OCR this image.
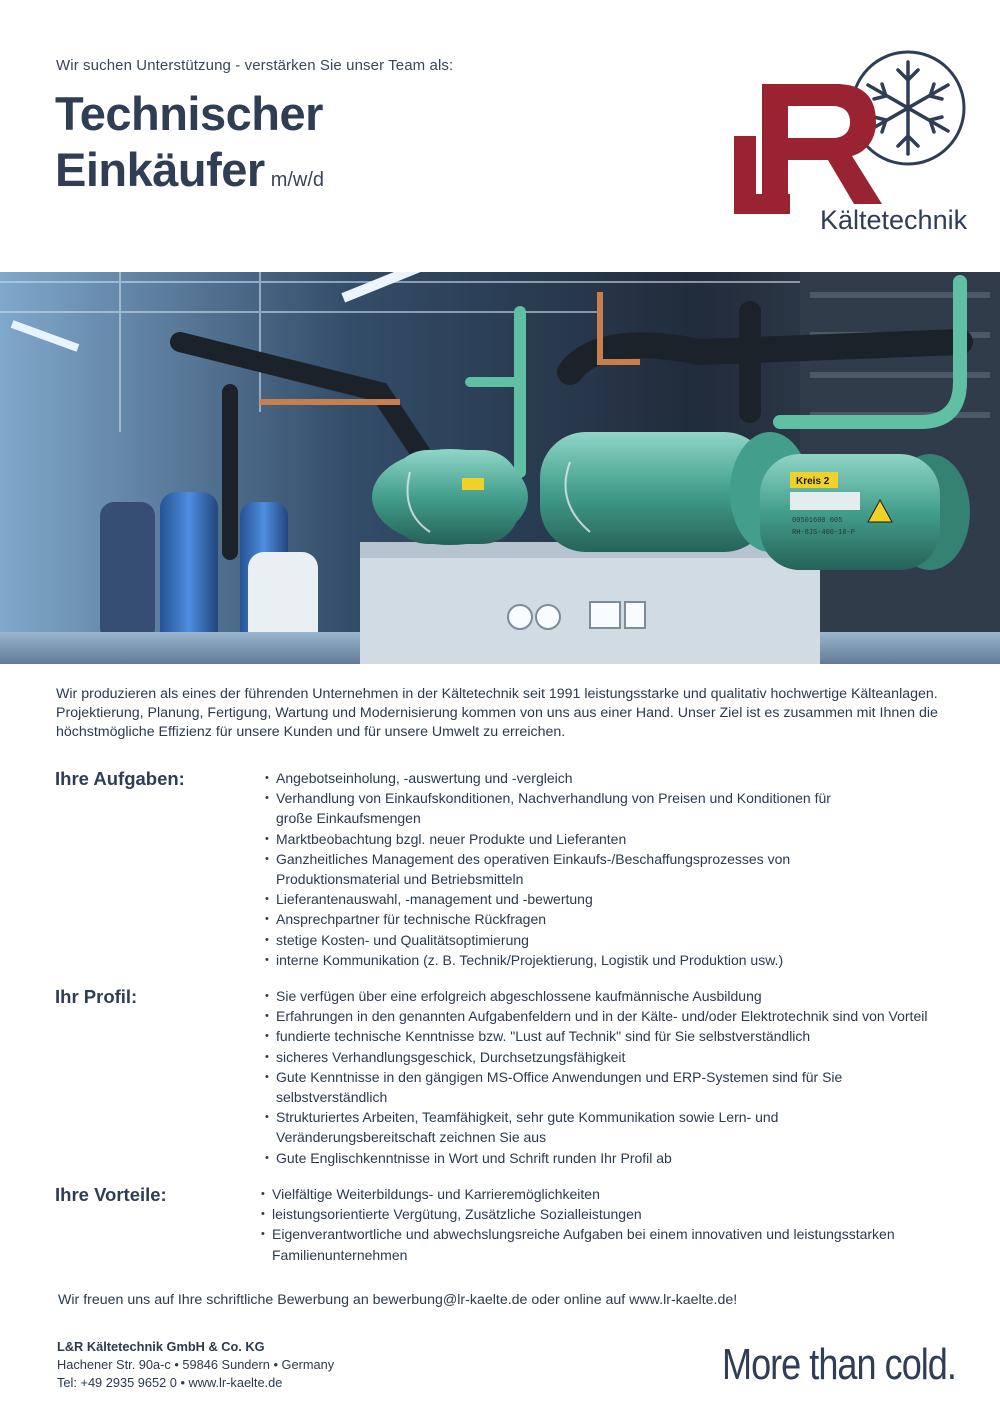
Wir suchen Unterstützung - verstärken Sie unser Team als:
Technischer
Einkäufer m/w/d
Kältetechnik
Kreis 2
00501600 005
RH-8JS-400-10-P

Wir produzieren als eines der führenden Unternehmen in der Kältetechnik seit 1991 leistungsstarke und qualitativ hochwertige Kälteanlagen. Projektierung, Planung, Fertigung, Wartung und Modernisierung kommen von uns aus einer Hand. Unser Ziel ist es zusammen mit Ihnen die höchstmögliche Effizienz für unsere Kunden und für unsere Umwelt zu erreichen.

Ihre Aufgaben:	• Angebotseinholung, -auswertung und -vergleich
• Verhandlung von Einkaufskonditionen, Nachverhandlung von Preisen und Konditionen für große Einkaufsmengen
• Marktbeobachtung bzgl. neuer Produkte und Lieferanten
• Ganzheitliches Management des operativen Einkaufs-/Beschaffungsprozesses von Produktionsmaterial und Betriebsmitteln
• Lieferantenauswahl, -management und -bewertung
• Ansprechpartner für technische Rückfragen
• stetige Kosten- und Qualitätsoptimierung
• interne Kommunikation (z. B. Technik/Projektierung, Logistik und Produktion usw.)
Ihr Profil:	• Sie verfügen über eine erfolgreich abgeschlossene kaufmännische Ausbildung
• Erfahrungen in den genannten Aufgabenfeldern und in der Kälte- und/oder Elektrotechnik sind von Vorteil
• fundierte technische Kenntnisse bzw. "Lust auf Technik" sind für Sie selbstverständlich
• sicheres Verhandlungsgeschick, Durchsetzungsfähigkeit
• Gute Kenntnisse in den gängigen MS-Office Anwendungen und ERP-Systemen sind für Sie selbstverständlich
• Strukturiertes Arbeiten, Teamfähigkeit, sehr gute Kommunikation sowie Lern- und Veränderungsbereitschaft zeichnen Sie aus
• Gute Englischkenntnisse in Wort und Schrift runden Ihr Profil ab
Ihre Vorteile:	• Vielfältige Weiterbildungs- und Karrieremöglichkeiten
• leistungsorientierte Vergütung, Zusätzliche Sozialleistungen
• Eigenverantwortliche und abwechslungsreiche Aufgaben bei einem innovativen und leistungsstarken Familienunternehmen
Wir freuen uns auf Ihre schriftliche Bewerbung an bewerbung@lr-kaelte.de oder online auf www.lr-kaelte.de!
L&R Kältetechnik GmbH & Co. KG
Hachener Str. 90a-c • 59846 Sundern • Germany
Tel: +49 2935 9652 0 • www.lr-kaelte.de	More than cold.
